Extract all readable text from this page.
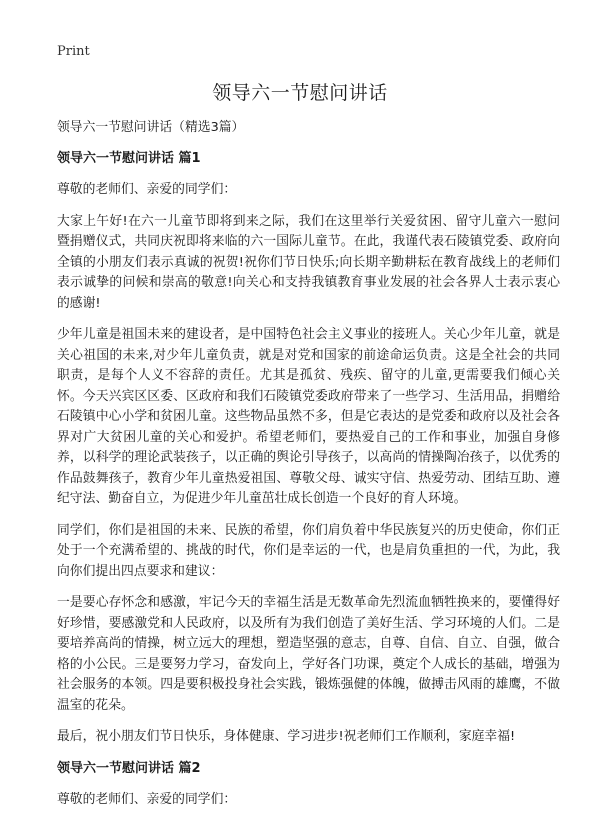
Print
领导六一节慰问讲话

领导六一节慰问讲话（精选3篇）

领导六一节慰问讲话 篇1

尊敬的老师们、亲爱的同学们：

大家上午好!在六一儿童节即将到来之际，我们在这里举行关爱贫困、留守儿童六一慰问暨捐赠仪式，共同庆祝即将来临的六一国际儿童节。在此，我谨代表石陵镇党委、政府向全镇的小朋友们表示真诚的祝贺!祝你们节日快乐;向长期辛勤耕耘在教育战线上的老师们表示诚挚的问候和崇高的敬意!向关心和支持我镇教育事业发展的社会各界人士表示衷心的感谢!

少年儿童是祖国未来的建设者，是中国特色社会主义事业的接班人。关心少年儿童，就是关心祖国的未来,对少年儿童负责，就是对党和国家的前途命运负责。这是全社会的共同职责，是每个人义不容辞的责任。尤其是孤贫、残疾、留守的儿童,更需要我们倾心关怀。今天兴宾区区委、区政府和我们石陵镇党委政府带来了一些学习、生活用品，捐赠给石陵镇中心小学和贫困儿童。这些物品虽然不多，但是它表达的是党委和政府以及社会各界对广大贫困儿童的关心和爱护。希望老师们，要热爱自己的工作和事业，加强自身修养，以科学的理论武装孩子，以正确的舆论引导孩子，以高尚的情操陶冶孩子，以优秀的作品鼓舞孩子，教育少年儿童热爱祖国、尊敬父母、诚实守信、热爱劳动、团结互助、遵纪守法、勤奋自立，为促进少年儿童茁壮成长创造一个良好的育人环境。

同学们，你们是祖国的未来、民族的希望，你们肩负着中华民族复兴的历史使命，你们正处于一个充满希望的、挑战的时代，你们是幸运的一代，也是肩负重担的一代，为此，我向你们提出四点要求和建议：

一是要心存怀念和感激，牢记今天的幸福生活是无数革命先烈流血牺牲换来的，要懂得好好珍惜，要感激党和人民政府，以及所有为我们创造了美好生活、学习环境的人们。二是要培养高尚的情操，树立远大的理想，塑造坚强的意志，自尊、自信、自立、自强，做合格的小公民。三是要努力学习，奋发向上，学好各门功课，奠定个人成长的基础，增强为社会服务的本领。四是要积极投身社会实践，锻炼强健的体魄，做搏击风雨的雄鹰，不做温室的花朵。

最后，祝小朋友们节日快乐，身体健康、学习进步!祝老师们工作顺利，家庭幸福!

领导六一节慰问讲话 篇2

尊敬的老师们、亲爱的同学们：
